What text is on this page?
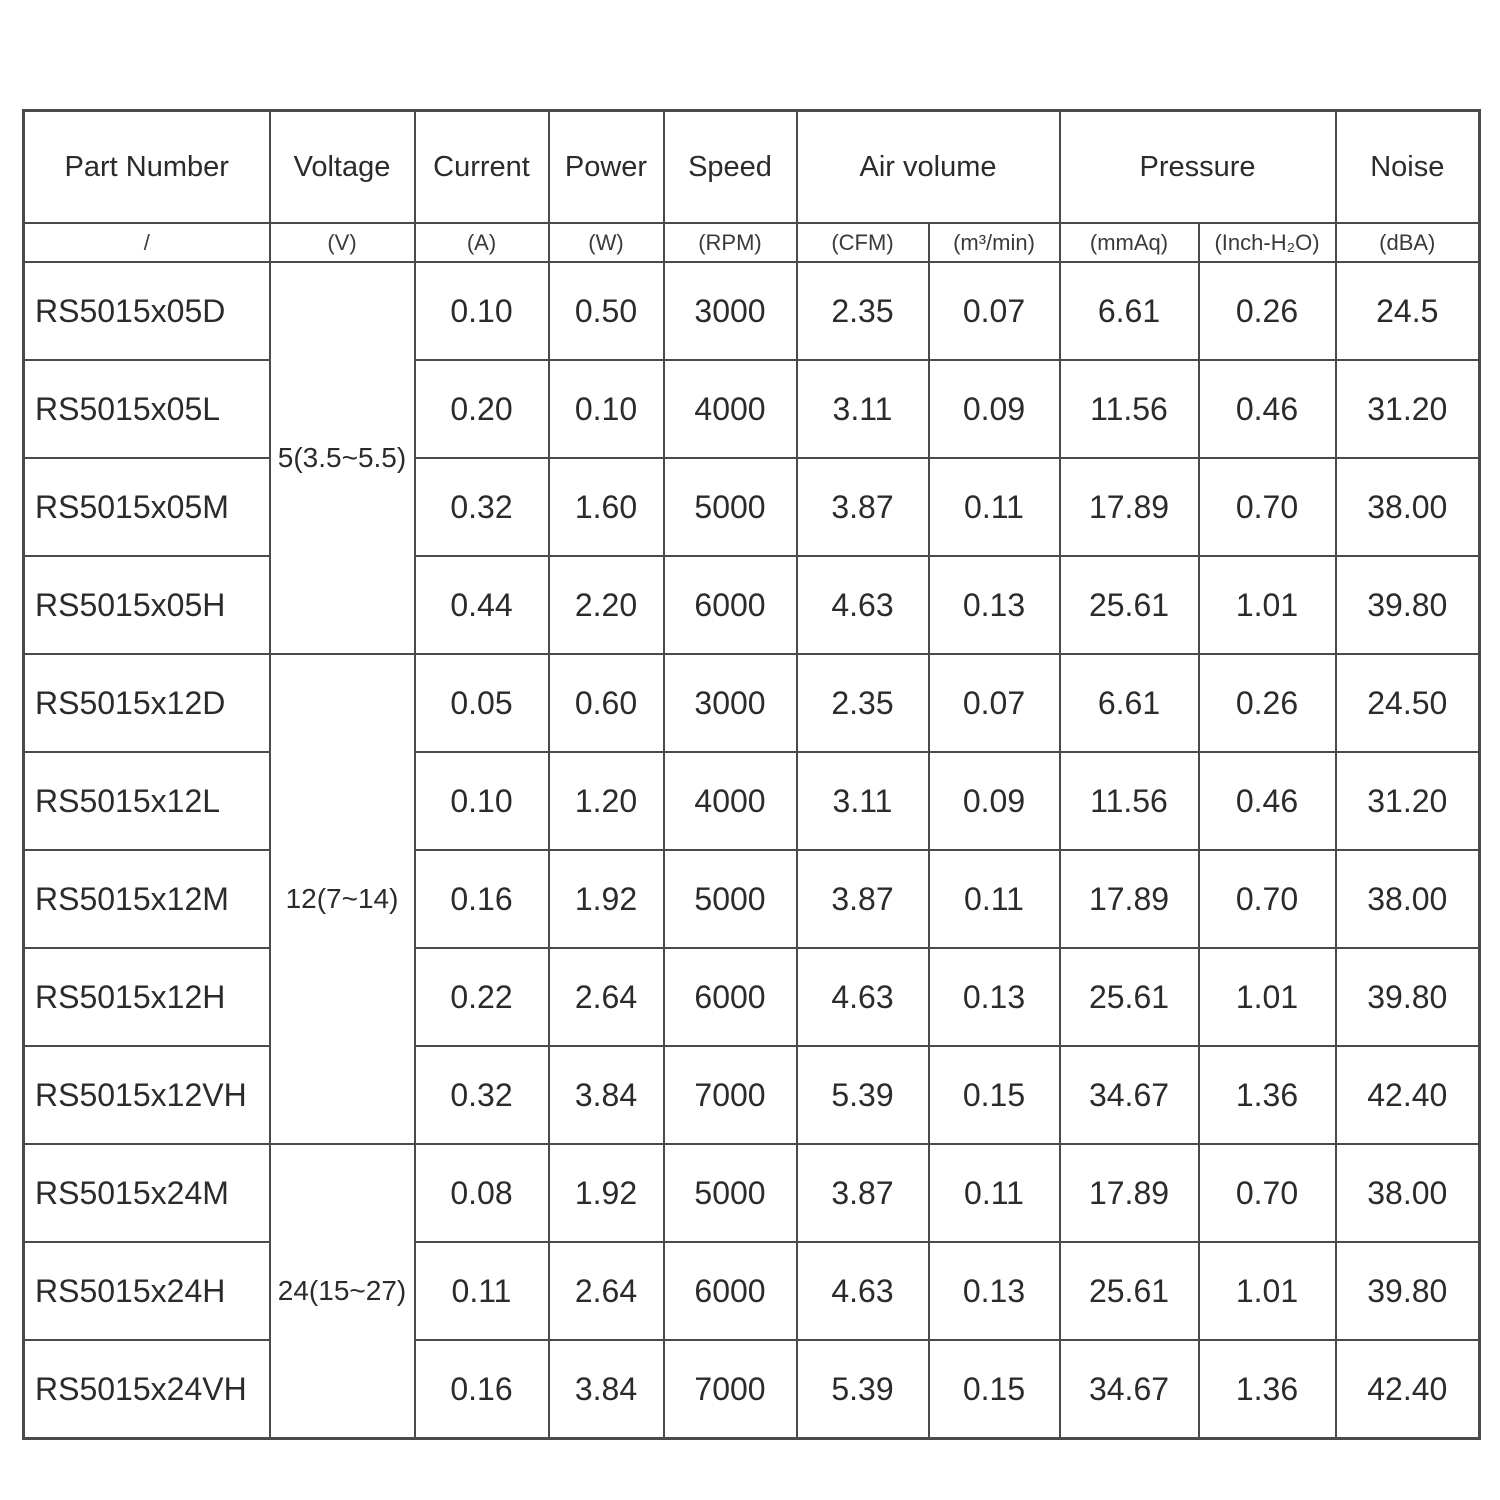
Part Number	Voltage	Current	Power	Speed	Air volume		Pressure		Noise
/	(V)	(A)	(W)	(RPM)	(CFM)	(m³/min)	(mmAq)	(Inch-H₂O)	(dBA)
RS5015x05D	5(3.5~5.5)	0.10	0.50	3000	2.35	0.07	6.61	0.26	24.5
RS5015x05L		0.20	0.10	4000	3.11	0.09	11.56	0.46	31.20
RS5015x05M		0.32	1.60	5000	3.87	0.11	17.89	0.70	38.00
RS5015x05H		0.44	2.20	6000	4.63	0.13	25.61	1.01	39.80
RS5015x12D	12(7~14)	0.05	0.60	3000	2.35	0.07	6.61	0.26	24.50
RS5015x12L		0.10	1.20	4000	3.11	0.09	11.56	0.46	31.20
RS5015x12M		0.16	1.92	5000	3.87	0.11	17.89	0.70	38.00
RS5015x12H		0.22	2.64	6000	4.63	0.13	25.61	1.01	39.80
RS5015x12VH		0.32	3.84	7000	5.39	0.15	34.67	1.36	42.40
RS5015x24M	24(15~27)	0.08	1.92	5000	3.87	0.11	17.89	0.70	38.00
RS5015x24H		0.11	2.64	6000	4.63	0.13	25.61	1.01	39.80
RS5015x24VH		0.16	3.84	7000	5.39	0.15	34.67	1.36	42.40
